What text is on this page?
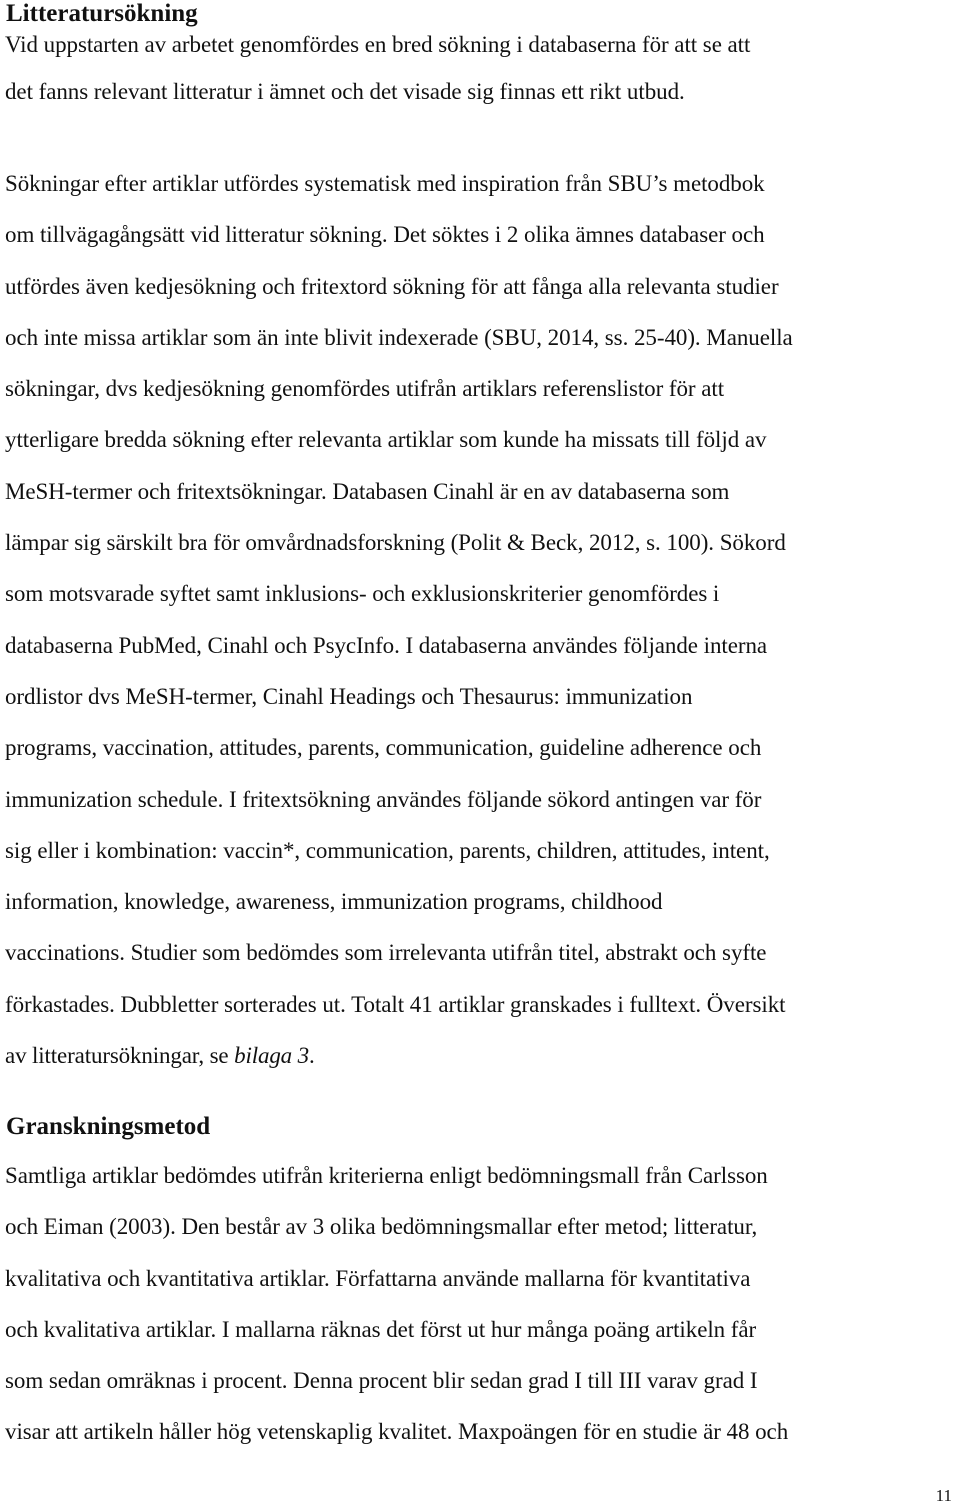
Litteratursökning
Vid uppstarten av arbetet genomfördes en bred sökning i databaserna för att se att
det fanns relevant litteratur i ämnet och det visade sig finnas ett rikt utbud.
Sökningar efter artiklar utfördes systematisk med inspiration från SBU’s metodbok
om tillvägagångsätt vid litteratur sökning. Det söktes i 2 olika ämnes databaser och
utfördes även kedjesökning och fritextord sökning för att fånga alla relevanta studier
och inte missa artiklar som än inte blivit indexerade (SBU, 2014, ss. 25-40). Manuella
sökningar, dvs kedjesökning genomfördes utifrån artiklars referenslistor för att
ytterligare bredda sökning efter relevanta artiklar som kunde ha missats till följd av
MeSH-termer och fritextsökningar. Databasen Cinahl är en av databaserna som
lämpar sig särskilt bra för omvårdnadsforskning (Polit & Beck, 2012, s. 100). Sökord
som motsvarade syftet samt inklusions- och exklusionskriterier genomfördes i
databaserna PubMed, Cinahl och PsycInfo. I databaserna användes följande interna
ordlistor dvs MeSH-termer, Cinahl Headings och Thesaurus: immunization
programs, vaccination, attitudes, parents, communication, guideline adherence och
immunization schedule. I fritextsökning användes följande sökord antingen var för
sig eller i kombination: vaccin*, communication, parents, children, attitudes, intent,
information, knowledge, awareness, immunization programs, childhood
vaccinations. Studier som bedömdes som irrelevanta utifrån titel, abstrakt och syfte
förkastades. Dubbletter sorterades ut. Totalt 41 artiklar granskades i fulltext. Översikt
av litteratursökningar, se bilaga 3.
Granskningsmetod
Samtliga artiklar bedömdes utifrån kriterierna enligt bedömningsmall från Carlsson
och Eiman (2003). Den består av 3 olika bedömningsmallar efter metod; litteratur,
kvalitativa och kvantitativa artiklar. Författarna använde mallarna för kvantitativa
och kvalitativa artiklar. I mallarna räknas det först ut hur många poäng artikeln får
som sedan omräknas i procent. Denna procent blir sedan grad I till III varav grad I
visar att artikeln håller hög vetenskaplig kvalitet. Maxpoängen för en studie är 48 och
11
